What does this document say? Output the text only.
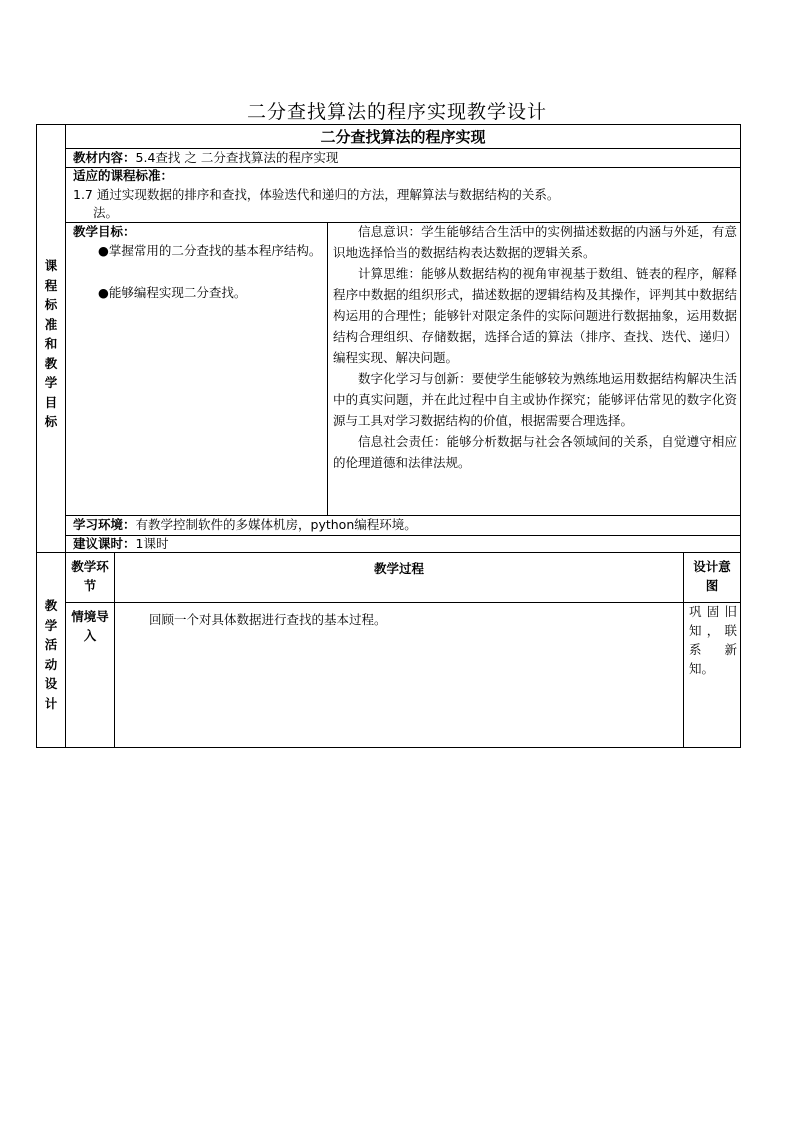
二分查找算法的程序实现教学设计
课
程
标
准
和
教
学
目
标
二分查找算法的程序实现
教材内容：5.4查找 之 二分查找算法的程序实现
适应的课程标准：
1.7 通过实现数据的排序和查找，体验迭代和递归的方法，理解算法与数据结构的关系。
法。
教学目标：
●掌握常用的二分查找的基本程序结构。
●能够编程实现二分查找。

信息意识：学生能够结合生活中的实例描述数据的内涵与外延，有意识地选择恰当的数据结构表达数据的逻辑关系。

计算思维：能够从数据结构的视角审视基于数组、链表的程序，解释程序中数据的组织形式，描述数据的逻辑结构及其操作，评判其中数据结构运用的合理性；能够针对限定条件的实际问题进行数据抽象，运用数据结构合理组织、存储数据，选择合适的算法（排序、查找、迭代、递归）编程实现、解决问题。

数字化学习与创新：要使学生能够较为熟练地运用数据结构解决生活中的真实问题，并在此过程中自主或协作探究；能够评估常见的数字化资源与工具对学习数据结构的价值，根据需要合理选择。

信息社会责任：能够分析数据与社会各领域间的关系，自觉遵守相应的伦理道德和法律法规。

学习环境：有教学控制软件的多媒体机房，python编程环境。
建议课时：1课时
教
学
活
动
设
计
教学环节
教学过程	设计意图
情境导入
回顾一个对具体数据进行查找的基本过程。
巩固旧知，联系新知。
